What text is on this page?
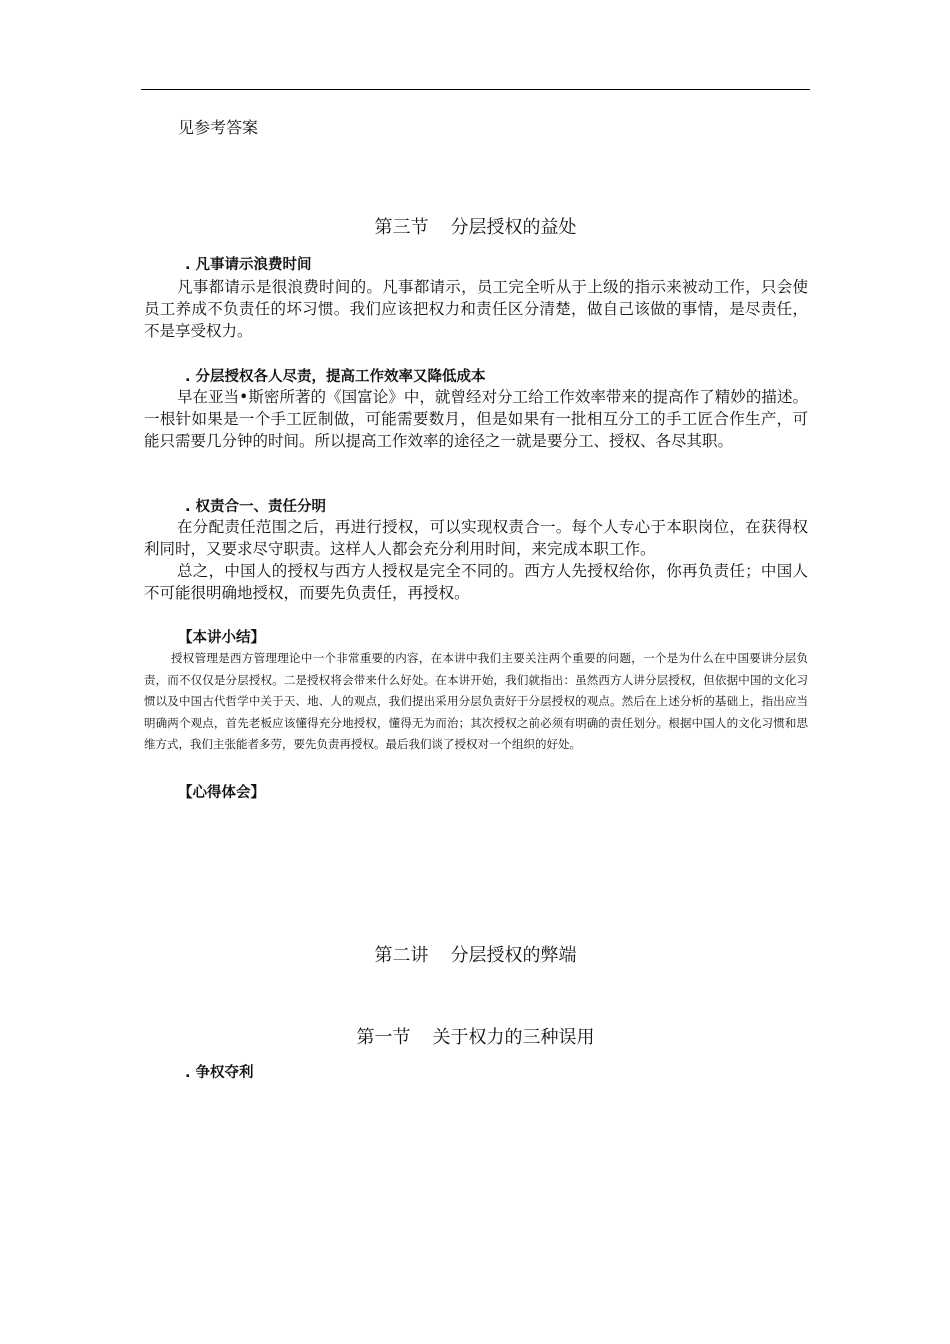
见参考答案
第三节 分层授权的益处
. 凡事请示浪费时间

凡事都请示是很浪费时间的。凡事都请示，员工完全听从于上级的指示来被动工作，只会使员工养成不负责任的坏习惯。我们应该把权力和责任区分清楚，做自己该做的事情，是尽责任，不是享受权力。

. 分层授权各人尽责，提高工作效率又降低成本

早在亚当•斯密所著的《国富论》中，就曾经对分工给工作效率带来的提高作了精妙的描述。一根针如果是一个手工匠制做，可能需要数月，但是如果有一批相互分工的手工匠合作生产，可能只需要几分钟的时间。所以提高工作效率的途径之一就是要分工、授权、各尽其职。

. 权责合一、责任分明

在分配责任范围之后，再进行授权，可以实现权责合一。每个人专心于本职岗位，在获得权利同时，又要求尽守职责。这样人人都会充分利用时间，来完成本职工作。

总之，中国人的授权与西方人授权是完全不同的。西方人先授权给你，你再负责任；中国人不可能很明确地授权，而要先负责任，再授权。

【本讲小结】

授权管理是西方管理理论中一个非常重要的内容，在本讲中我们主要关注两个重要的问题，一个是为什么在中国要讲分层负责，而不仅仅是分层授权。二是授权将会带来什么好处。在本讲开始，我们就指出：虽然西方人讲分层授权，但依据中国的文化习惯以及中国古代哲学中关于天、地、人的观点，我们提出采用分层负责好于分层授权的观点。然后在上述分析的基础上，指出应当明确两个观点，首先老板应该懂得充分地授权，懂得无为而治；其次授权之前必须有明确的责任划分。根据中国人的文化习惯和思维方式，我们主张能者多劳，要先负责再授权。最后我们谈了授权对一个组织的好处。

【心得体会】
第二讲 分层授权的弊端
第一节 关于权力的三种误用
. 争权夺利
